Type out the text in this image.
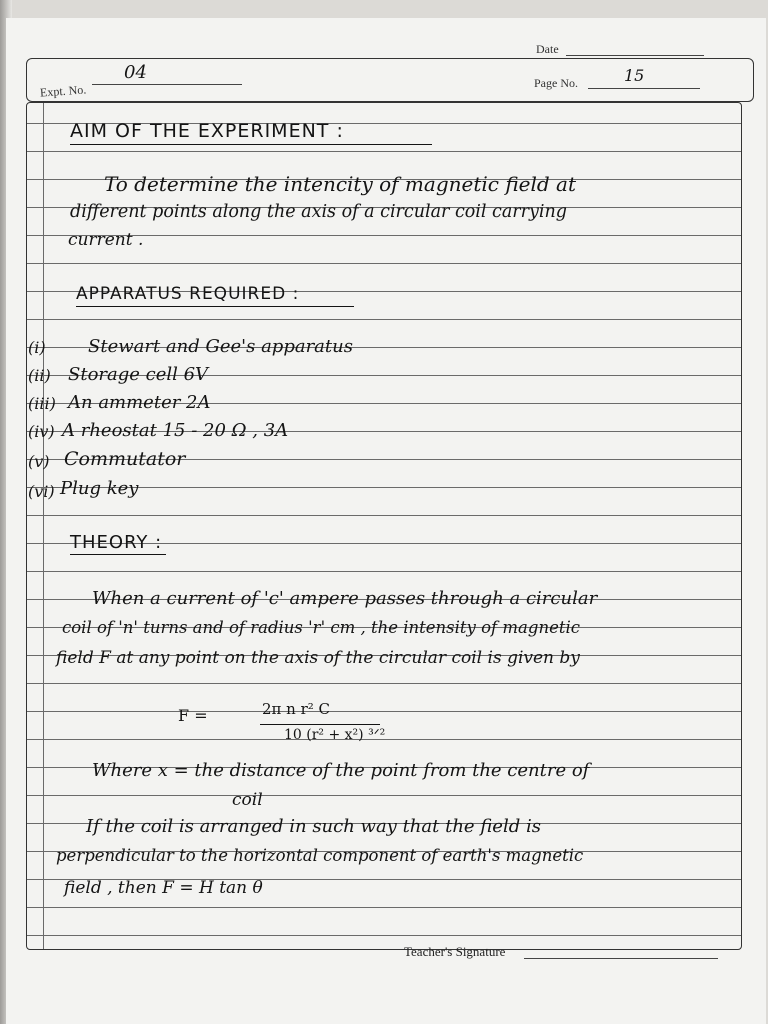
Date
Expt. No.
04	Page No.	15
AIM OF THE EXPERIMENT :
To determine the intencity of magnetic field at
different points along the axis of a circular coil carrying
current .
APPARATUS REQUIRED :
(i) Stewart and Gee's apparatus
(ii) Storage cell 6V
(iii) An ammeter 2A
(iv) A rheostat 15 - 20 Ω , 3A
(v) Commutator
(vi) Plug key
THEORY :
When a current of 'c' ampere passes through a circular
coil of 'n' turns and of radius 'r' cm , the intensity of magnetic
field F at any point on the axis of the circular coil is given by
F =	2π n r² C
10 (r² + x²) ³ᐟ²
Where x = the distance of the point from the centre of
coil
If the coil is arranged in such way that the field is
perpendicular to the horizontal component of earth's magnetic
field , then F = H tan θ
Teacher's Signature
